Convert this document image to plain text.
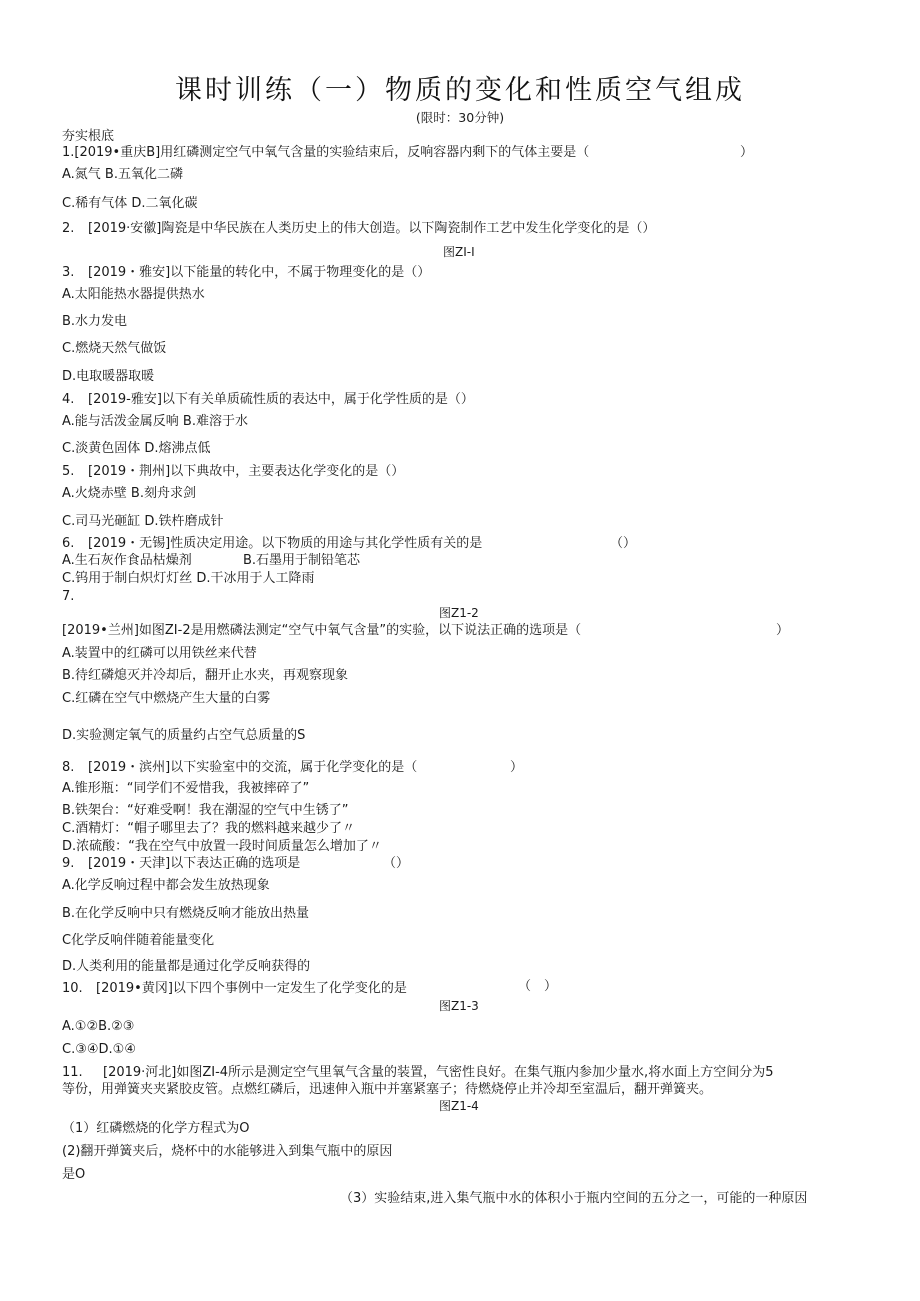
课时训练（一）物质的变化和性质空气组成
(限时：30分钟)
夯实根底
1.[2019•重庆B]用红磷测定空气中氧气含量的实验结束后，反响容器内剩下的气体主要是（	）
A.氮气 B.五氧化二磷
C.稀有气体 D.二氧化碳
2. [2019·安徽]陶瓷是中华民族在人类历史上的伟大创造。以下陶瓷制作工艺中发生化学变化的是（）
图ZI-I
3. [2019・雅安]以下能量的转化中，不属于物理变化的是（）
A.太阳能热水器提供热水
B.水力发电
C.燃烧天然气做饭
D.电取暖器取暖
4. [2019-雅安]以下有关单质硫性质的表达中，属于化学性质的是（）
A.能与活泼金属反响 B.难溶于水
C.淡黄色固体 D.熔沸点低
5. [2019・荆州]以下典故中，主要表达化学变化的是（）
A.火烧赤壁 B.刻舟求剑
C.司马光砸缸 D.铁杵磨成针
6. [2019・无锡]性质决定用途。以下物质的用途与其化学性质有关的是	（）
A.生石灰作食品枯燥剂	B.石墨用于制铅笔芯
C.钨用于制白炽灯灯丝 D.干冰用于人工降雨
7.
图Z1-2
[2019•兰州]如图ZI-2是用燃磷法测定“空气中氧气含量”的实验，以下说法正确的选项是（	）
A.装置中的红磷可以用铁丝来代替
B.待红磷熄灭并冷却后，翻开止水夹，再观察现象
C.红磷在空气中燃烧产生大量的白雾
D.实验测定氧气的质量约占空气总质量的S
8. [2019・滨州]以下实验室中的交流，属于化学变化的是（	）
A.锥形瓶：“同学们不爱惜我，我被摔碎了”
B.铁架台：“好难受啊！我在潮湿的空气中生锈了”
C.酒精灯：“帽子哪里去了？我的燃料越来越少了〃
D.浓硫酸：“我在空气中放置一段时间质量怎么增加了〃
9. [2019・天津]以下表达正确的选项是	（）
A.化学反响过程中都会发生放热现象
B.在化学反响中只有燃烧反响才能放出热量
C化学反响伴随着能量变化
D.人类利用的能量都是通过化学反响获得的
10. [2019•黄冈]以下四个事例中一定发生了化学变化的是	（　）
图Z1-3
A.①②B.②③
C.③④D.①④
11. [2019·河北]如图ZI-4所示是测定空气里氧气含量的装置，气密性良好。在集气瓶内参加少量水,将水面上方空间分为5
等份，用弹簧夹夹紧胶皮管。点燃红磷后，迅速伸入瓶中并塞紧塞子；待燃烧停止并冷却至室温后，翻开弹簧夹。
图Z1-4
（1）红磷燃烧的化学方程式为O
(2)翻开弹簧夹后，烧杯中的水能够进入到集气瓶中的原因
是O
（3）实验结束,进入集气瓶中水的体积小于瓶内空间的五分之一，可能的一种原因
